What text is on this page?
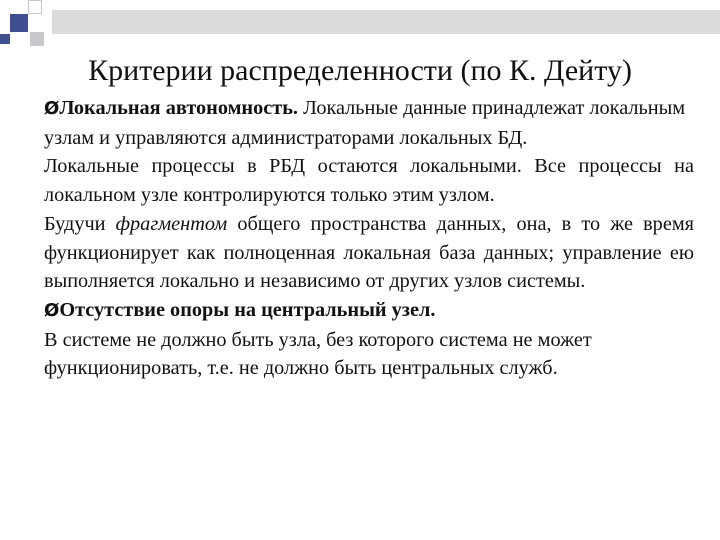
Критерии распределенности (по К. Дейту)

ØЛокальная автономность. Локальные данные принадлежат локальным узлам и управляются администраторами локальных БД.

Локальные процессы в РБД остаются локальными. Все процессы на локальном узле контролируются только этим узлом.

Будучи фрагментом общего пространства данных, она, в то же время функционирует как полноценная локальная база данных; управление ею выполняется локально и независимо от других узлов системы.

ØОтсутствие опоры на центральный узел.

В системе не должно быть узла, без которого система не может функционировать, т.е. не должно быть центральных служб.
